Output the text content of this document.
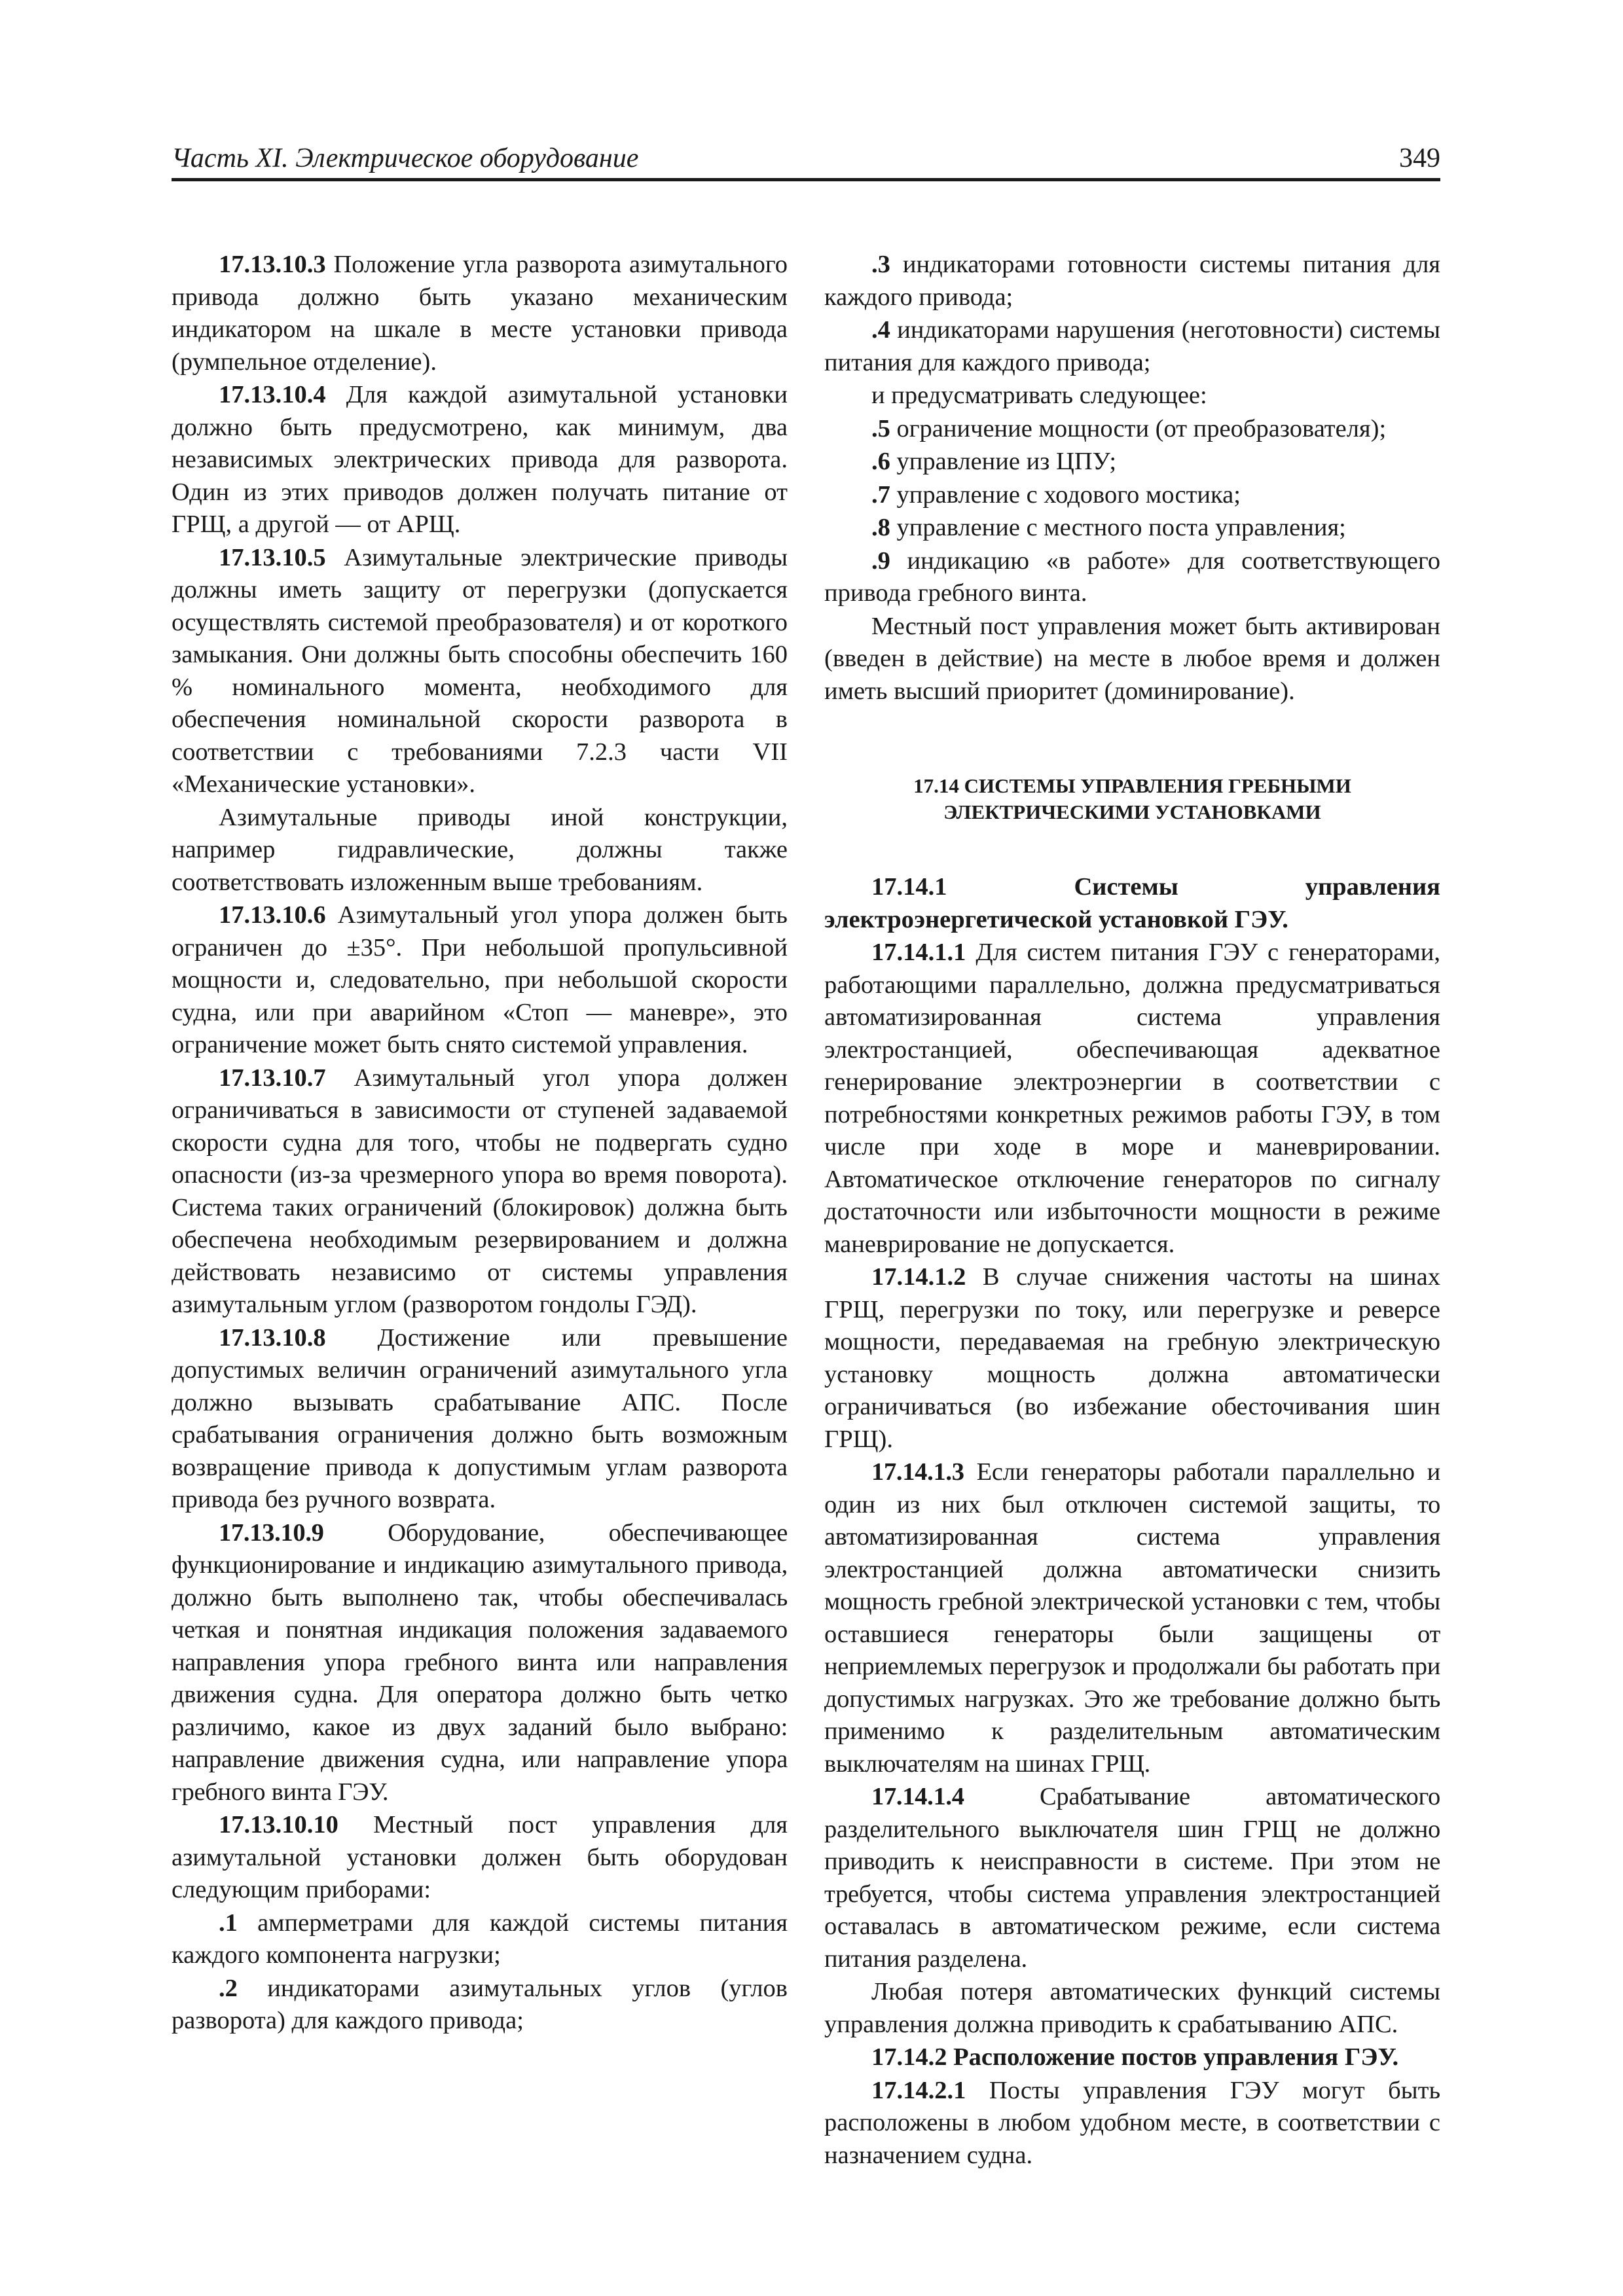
Часть XI. Электрическое оборудование	349

17.13.10.3 Положение угла разворота азимутального привода должно быть указано механическим индикатором на шкале в месте установки привода (румпельное отделение).

17.13.10.4 Для каждой азимутальной установки должно быть предусмотрено, как минимум, два независимых электрических привода для разворота. Один из этих приводов должен получать питание от ГРЩ, а другой — от АРЩ.

17.13.10.5 Азимутальные электрические приводы должны иметь защиту от перегрузки (допускается осуществлять системой преобразователя) и от короткого замыкания. Они должны быть способны обеспечить 160 % номинального момента, необходимого для обеспечения номинальной скорости разворота в соответствии с требованиями 7.2.3 части VII «Механические установки».

Азимутальные приводы иной конструкции, например гидравлические, должны также соответствовать изложенным выше требованиям.

17.13.10.6 Азимутальный угол упора должен быть ограничен до ±35°. При небольшой пропульсивной мощности и, следовательно, при небольшой скорости судна, или при аварийном «Стоп — маневре», это ограничение может быть снято системой управления.

17.13.10.7 Азимутальный угол упора должен ограничиваться в зависимости от ступеней задаваемой скорости судна для того, чтобы не подвергать судно опасности (из-за чрезмерного упора во время поворота). Система таких ограничений (блокировок) должна быть обеспечена необходимым резервированием и должна действовать независимо от системы управления азимутальным углом (разворотом гондолы ГЭД).

17.13.10.8 Достижение или превышение допустимых величин ограничений азимутального угла должно вызывать срабатывание АПС. После срабатывания ограничения должно быть возможным возвращение привода к допустимым углам разворота привода без ручного возврата.

17.13.10.9 Оборудование, обеспечивающее функционирование и индикацию азимутального привода, должно быть выполнено так, чтобы обеспечивалась четкая и понятная индикация положения задаваемого направления упора гребного винта или направления движения судна. Для оператора должно быть четко различимо, какое из двух заданий было выбрано: направление движения судна, или направление упора гребного винта ГЭУ.

17.13.10.10 Местный пост управления для азимутальной установки должен быть оборудован следующим приборами:

.1 амперметрами для каждой системы питания каждого компонента нагрузки;

.2 индикаторами азимутальных углов (углов разворота) для каждого привода;

.3 индикаторами готовности системы питания для каждого привода;

.4 индикаторами нарушения (неготовности) системы питания для каждого привода;

и предусматривать следующее:

.5 ограничение мощности (от преобразователя);

.6 управление из ЦПУ;

.7 управление с ходового мостика;

.8 управление с местного поста управления;

.9 индикацию «в работе» для соответствующего привода гребного винта.

Местный пост управления может быть активирован (введен в действие) на месте в любое время и должен иметь высший приоритет (доминирование).

17.14 СИСТЕМЫ УПРАВЛЕНИЯ ГРЕБНЫМИ
ЭЛЕКТРИЧЕСКИМИ УСТАНОВКАМИ

17.14.1 Системы управления электроэнергетической установкой ГЭУ.

17.14.1.1 Для систем питания ГЭУ с генераторами, работающими параллельно, должна предусматриваться автоматизированная система управления электростанцией, обеспечивающая адекватное генерирование электроэнергии в соответствии с потребностями конкретных режимов работы ГЭУ, в том числе при ходе в море и маневрировании. Автоматическое отключение генераторов по сигналу достаточности или избыточности мощности в режиме маневрирование не допускается.

17.14.1.2 В случае снижения частоты на шинах ГРЩ, перегрузки по току, или перегрузке и реверсе мощности, передаваемая на гребную электрическую установку мощность должна автоматически ограничиваться (во избежание обесточивания шин ГРЩ).

17.14.1.3 Если генераторы работали параллельно и один из них был отключен системой защиты, то автоматизированная система управления электростанцией должна автоматически снизить мощность гребной электрической установки с тем, чтобы оставшиеся генераторы были защищены от неприемлемых перегрузок и продолжали бы работать при допустимых нагрузках. Это же требование должно быть применимо к разделительным автоматическим выключателям на шинах ГРЩ.

17.14.1.4 Срабатывание автоматического разделительного выключателя шин ГРЩ не должно приводить к неисправности в системе. При этом не требуется, чтобы система управления электростанцией оставалась в автоматическом режиме, если система питания разделена.

Любая потеря автоматических функций системы управления должна приводить к срабатыванию АПС.

17.14.2 Расположение постов управления ГЭУ.

17.14.2.1 Посты управления ГЭУ могут быть расположены в любом удобном месте, в соответствии с назначением судна.
